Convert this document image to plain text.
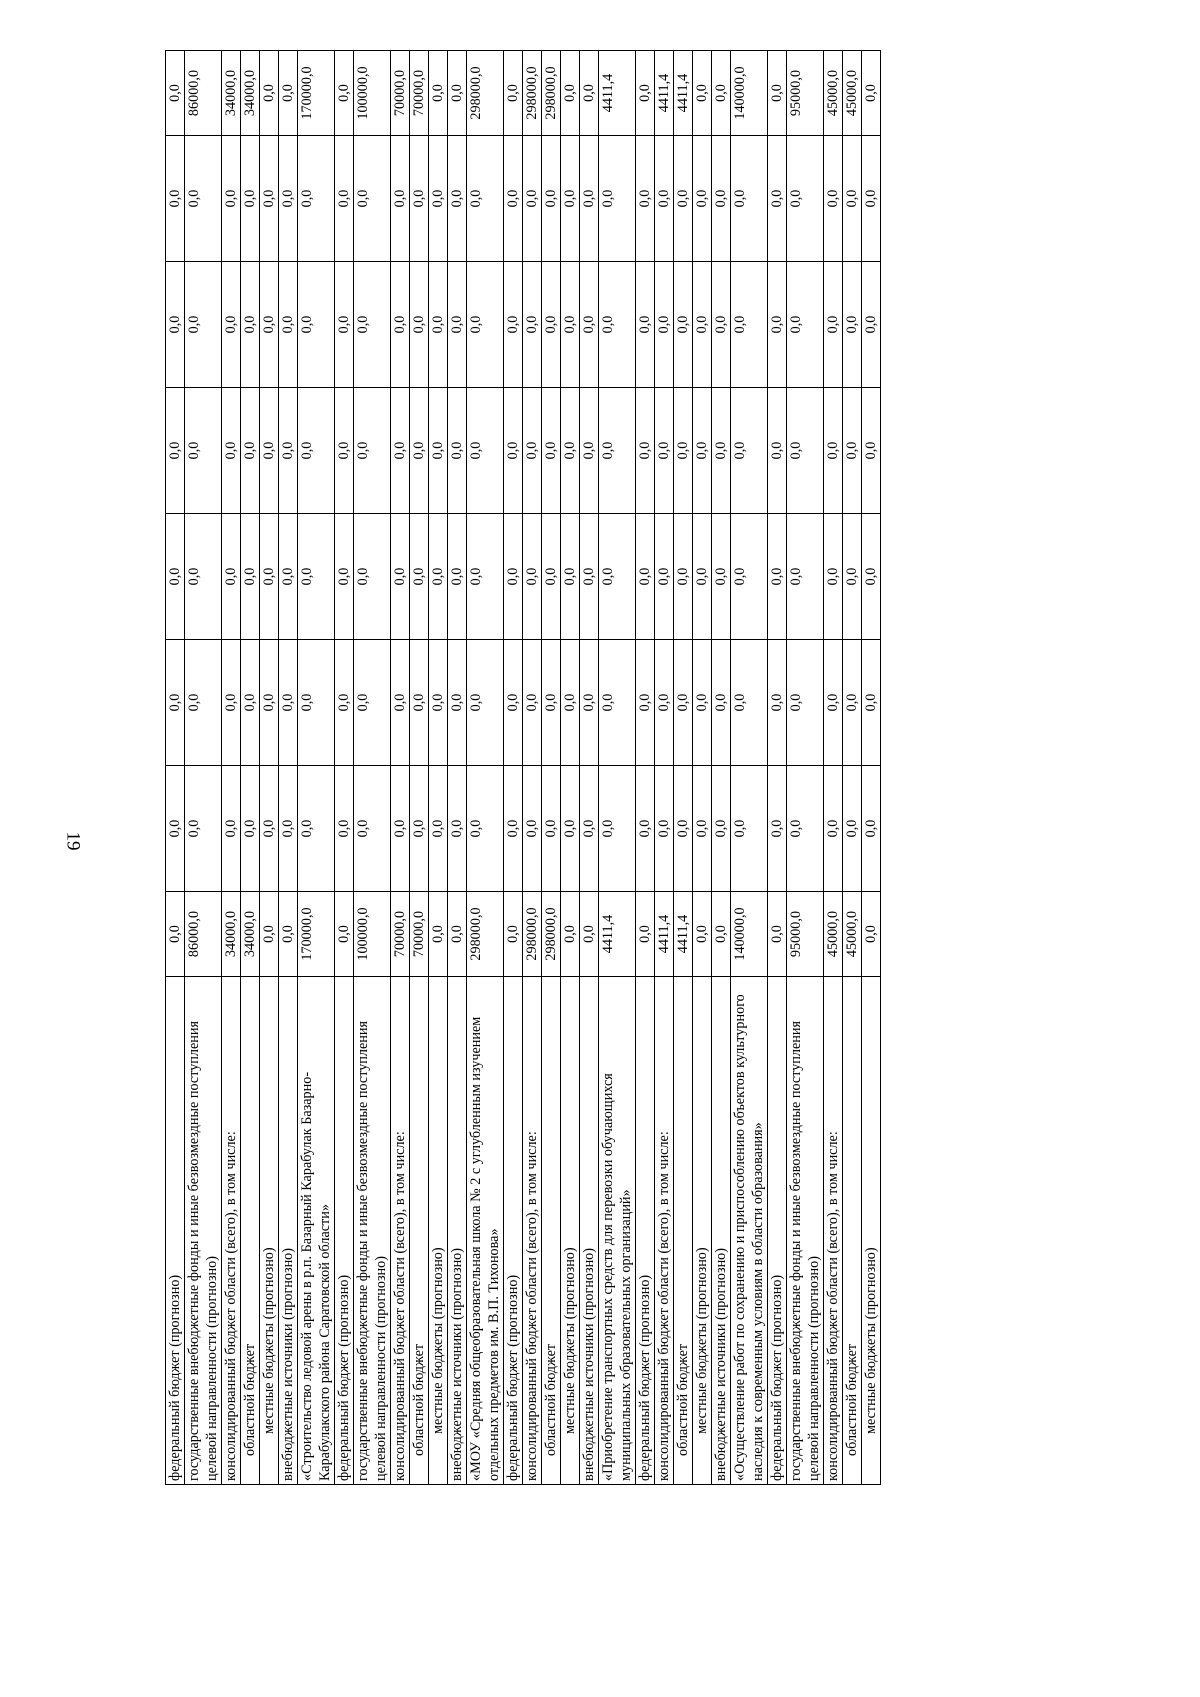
19
федеральный бюджет (прогнозно)	0,0	0,0	0,0	0,0	0,0	0,0	0,0	0,0
государственные внебюджетные фонды и иные безвозмездные поступления целевой направленности (прогнозно)	86000,0	0,0	0,0	0,0	0,0	0,0	0,0	86000,0
консолидированный бюджет области (всего), в том числе:	34000,0	0,0	0,0	0,0	0,0	0,0	0,0	34000,0
областной бюджет	34000,0	0,0	0,0	0,0	0,0	0,0	0,0	34000,0
местные бюджеты (прогнозно)	0,0	0,0	0,0	0,0	0,0	0,0	0,0	0,0
внебюджетные источники (прогнозно)	0,0	0,0	0,0	0,0	0,0	0,0	0,0	0,0
«Строительство ледовой арены в р.п. Базарный Карабулак Базарно-Карабулакского района Саратовской области»	170000,0	0,0	0,0	0,0	0,0	0,0	0,0	170000,0
федеральный бюджет (прогнозно)	0,0	0,0	0,0	0,0	0,0	0,0	0,0	0,0
государственные внебюджетные фонды и иные безвозмездные поступления целевой направленности (прогнозно)	100000,0	0,0	0,0	0,0	0,0	0,0	0,0	100000,0
консолидированный бюджет области (всего), в том числе:	70000,0	0,0	0,0	0,0	0,0	0,0	0,0	70000,0
областной бюджет	70000,0	0,0	0,0	0,0	0,0	0,0	0,0	70000,0
местные бюджеты (прогнозно)	0,0	0,0	0,0	0,0	0,0	0,0	0,0	0,0
внебюджетные источники (прогнозно)	0,0	0,0	0,0	0,0	0,0	0,0	0,0	0,0
«МОУ «Средняя общеобразовательная школа № 2 с углубленным изучением отдельных предметов им. В.П. Тихонова»	298000,0	0,0	0,0	0,0	0,0	0,0	0,0	298000,0
федеральный бюджет (прогнозно)	0,0	0,0	0,0	0,0	0,0	0,0	0,0	0,0
консолидированный бюджет области (всего), в том числе:	298000,0	0,0	0,0	0,0	0,0	0,0	0,0	298000,0
областной бюджет	298000,0	0,0	0,0	0,0	0,0	0,0	0,0	298000,0
местные бюджеты (прогнозно)	0,0	0,0	0,0	0,0	0,0	0,0	0,0	0,0
внебюджетные источники (прогнозно)	0,0	0,0	0,0	0,0	0,0	0,0	0,0	0,0
«Приобретение транспортных средств для перевозки обучающихся муниципальных образовательных организаций»	4411,4	0,0	0,0	0,0	0,0	0,0	0,0	4411,4
федеральный бюджет (прогнозно)	0,0	0,0	0,0	0,0	0,0	0,0	0,0	0,0
консолидированный бюджет области (всего), в том числе:	4411,4	0,0	0,0	0,0	0,0	0,0	0,0	4411,4
областной бюджет	4411,4	0,0	0,0	0,0	0,0	0,0	0,0	4411,4
местные бюджеты (прогнозно)	0,0	0,0	0,0	0,0	0,0	0,0	0,0	0,0
внебюджетные источники (прогнозно)	0,0	0,0	0,0	0,0	0,0	0,0	0,0	0,0
«Осуществление работ по сохранению и приспособлению объектов культурного наследия к современным условиям в области образования»	140000,0	0,0	0,0	0,0	0,0	0,0	0,0	140000,0
федеральный бюджет (прогнозно)	0,0	0,0	0,0	0,0	0,0	0,0	0,0	0,0
государственные внебюджетные фонды и иные безвозмездные поступления целевой направленности (прогнозно)	95000,0	0,0	0,0	0,0	0,0	0,0	0,0	95000,0
консолидированный бюджет области (всего), в том числе:	45000,0	0,0	0,0	0,0	0,0	0,0	0,0	45000,0
областной бюджет	45000,0	0,0	0,0	0,0	0,0	0,0	0,0	45000,0
местные бюджеты (прогнозно)	0,0	0,0	0,0	0,0	0,0	0,0	0,0	0,0
